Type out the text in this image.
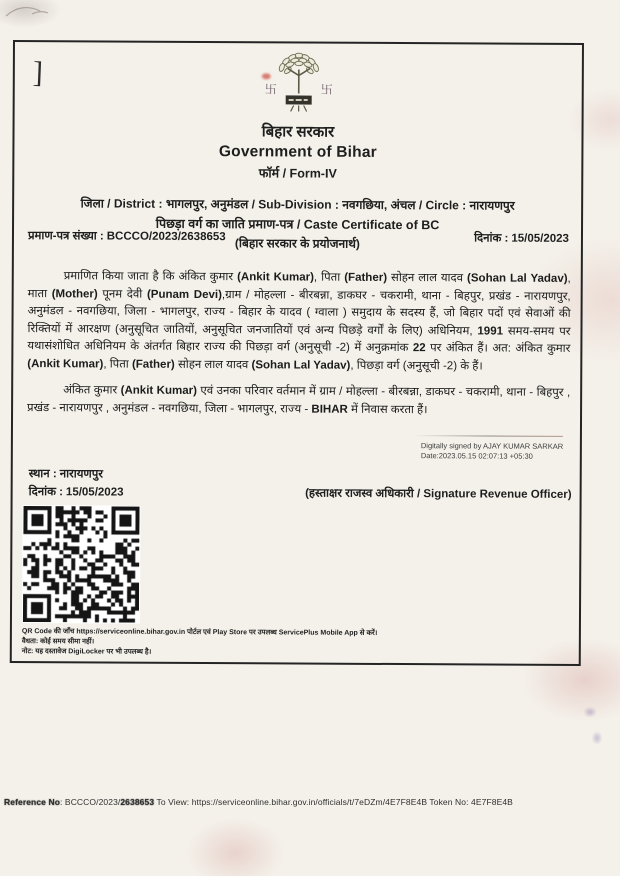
]
卐	卐
बिहार सरकार
Government of Bihar
फॉर्म / Form-IV
जिला / District : भागलपुर, अनुमंडल / Sub-Division : नवगछिया, अंचल / Circle : नारायणपुर
पिछड़ा वर्ग का जाति प्रमाण-पत्र / Caste Certificate of BC
(बिहार सरकार के प्रयोजनार्थ)
प्रमाण-पत्र संख्या : BCCCO/2023/2638653	दिनांक : 15/05/2023
प्रमाणित किया जाता है कि अंकित कुमार (Ankit Kumar), पिता (Father) सोहन लाल यादव (Sohan Lal Yadav), माता (Mother) पूनम देवी (Punam Devi),ग्राम / मोहल्ला - बीरबन्ना, डाकघर - चकरामी, थाना - बिहपुर, प्रखंड - नारायणपुर, अनुमंडल - नवगछिया, जिला - भागलपुर, राज्य - बिहार के यादव ( ग्वाला ) समुदाय के सदस्य हैं, जो बिहार पदों एवं सेवाओं की रिक्तियों में आरक्षण (अनुसूचित जातियों, अनुसूचित जनजातियों एवं अन्य पिछड़े वर्गों के लिए) अधिनियम, 1991 समय-समय पर यथासंशोधित अधिनियम के अंतर्गत बिहार राज्य की पिछड़ा वर्ग (अनुसूची -2) में अनुक्रमांक 22 पर अंकित हैं। अत: अंकित कुमार (Ankit Kumar), पिता (Father) सोहन लाल यादव (Sohan Lal Yadav), पिछड़ा वर्ग (अनुसूची -2) के हैं।
अंकित कुमार (Ankit Kumar) एवं उनका परिवार वर्तमान में ग्राम / मोहल्ला - बीरबन्ना, डाकघर - चकरामी, थाना - बिहपुर , प्रखंड - नारायणपुर , अनुमंडल - नवगछिया, जिला - भागलपुर, राज्य - BIHAR में निवास करता हैं।
Digitally signed by AJAY KUMAR SARKAR
Date:2023.05.15 02:07:13 +05:30
स्थान : नारायणपुर
दिनांक : 15/05/2023	(हस्ताक्षर राजस्व अधिकारी / Signature Revenue Officer)
QR Code की जाँच https://serviceonline.bihar.gov.in पोर्टल एवं Play Store पर उपलब्ध ServicePlus Mobile App से करें।
वैधता: कोई समय सीमा नहीं।
नोट: यह दस्तावेज DigiLocker पर भी उपलब्ध है।
Reference No: BCCCO/2023/2638653 To View: https://serviceonline.bihar.gov.in/officials/t/7eDZm/4E7F8E4B Token No: 4E7F8E4B
